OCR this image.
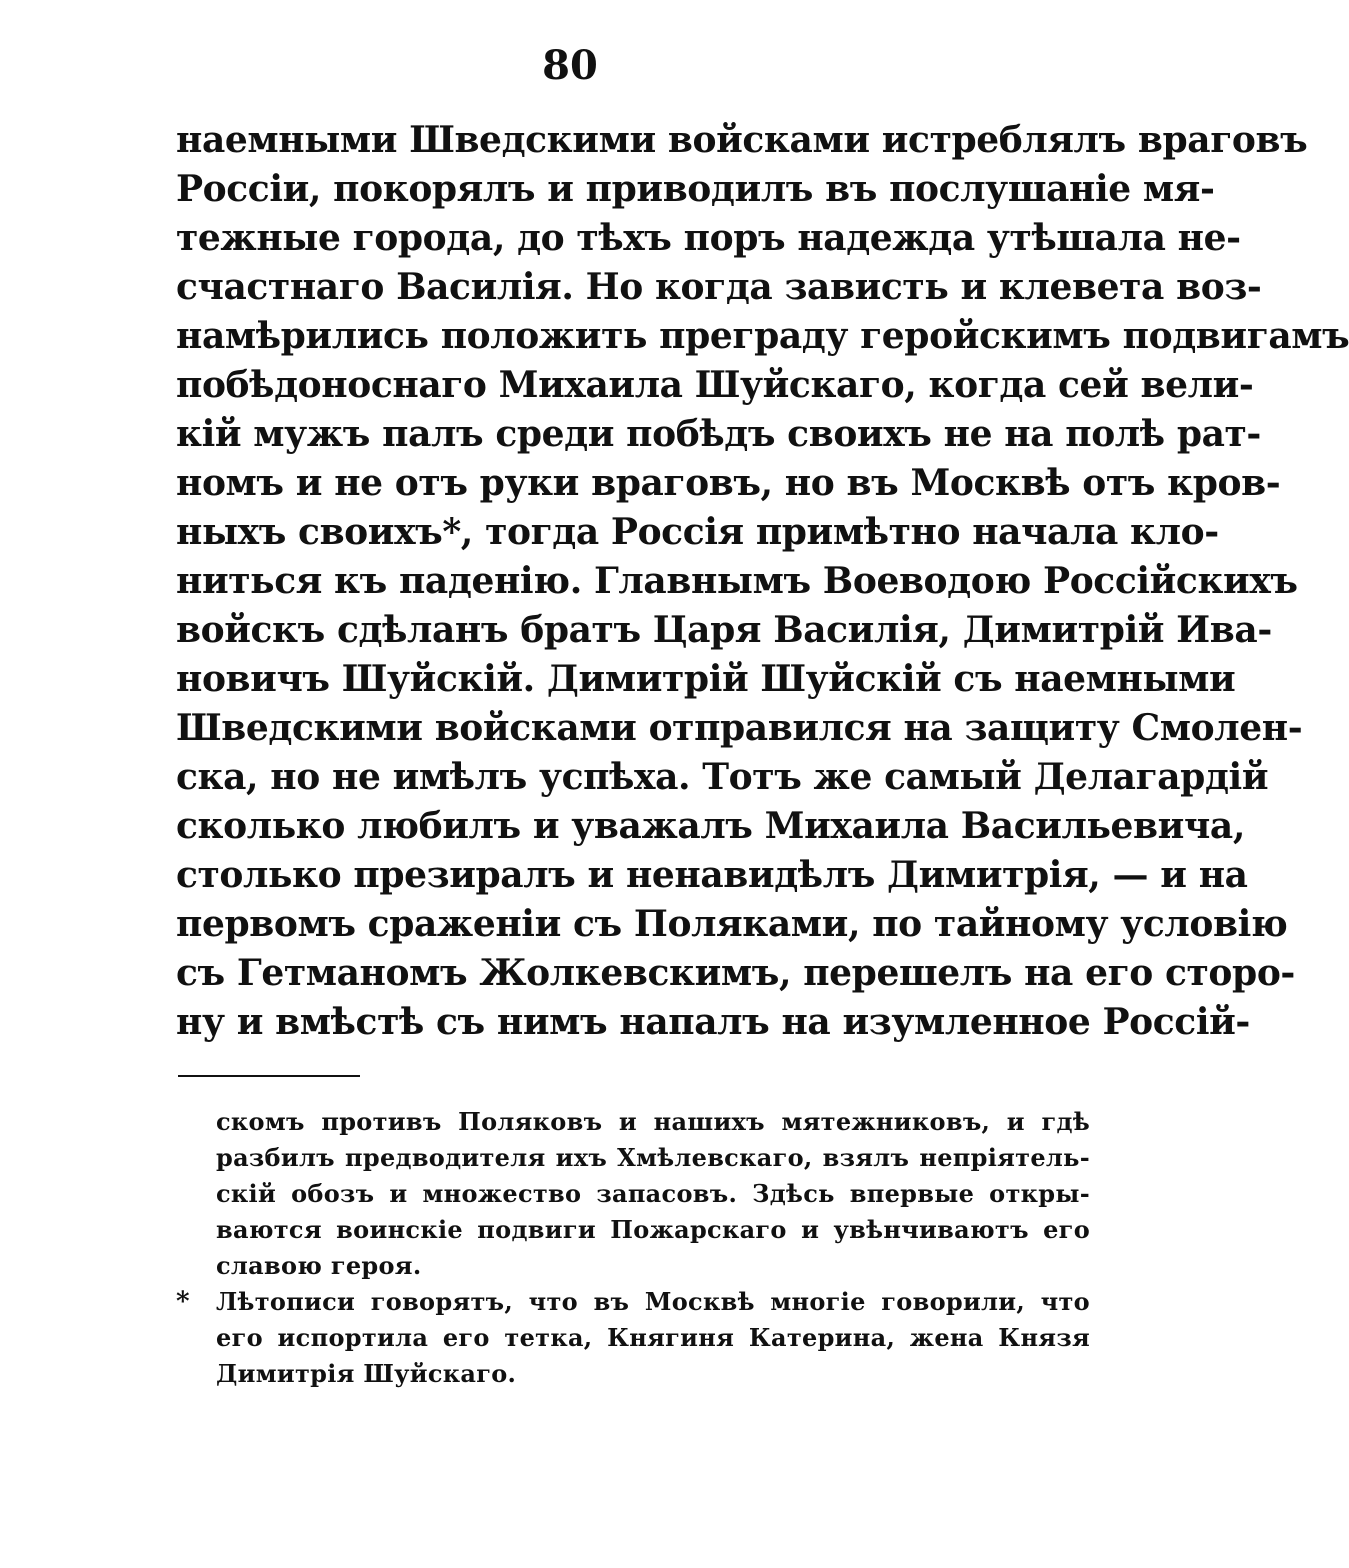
80
наемными Шведскими войсками истреблялъ враговъ
Россіи, покорялъ и приводилъ въ послушаніе мя-
тежные города, до тѣхъ поръ надежда утѣшала не-
счастнаго Василія. Но когда зависть и клевета воз-
намѣрились положить преграду геройскимъ подвигамъ
побѣдоноснаго Михаила Шуйскаго, когда сей вели-
кій мужъ палъ среди побѣдъ своихъ не на полѣ рат-
номъ и не отъ руки враговъ, но въ Москвѣ отъ кров-
ныхъ своихъ*, тогда Россія примѣтно начала кло-
ниться къ паденію. Главнымъ Воеводою Россійскихъ
войскъ сдѣланъ братъ Царя Василія, Димитрій Ива-
новичъ Шуйскій. Димитрій Шуйскій съ наемными
Шведскими войсками отправился на защиту Смолен-
ска, но не имѣлъ успѣха. Тотъ же самый Делагардій
сколько любилъ и уважалъ Михаила Васильевича,
столько презиралъ и ненавидѣлъ Димитрія, — и на
первомъ сраженіи съ Поляками, по тайному условію
съ Гетманомъ Жолкевскимъ, перешелъ на его сторо-
ну и вмѣстѣ съ нимъ напалъ на изумленное Россій-
скомъ противъ Поляковъ и нашихъ мятежниковъ, и гдѣ
разбилъ предводителя ихъ Хмѣлевскаго, взялъ непріятель-
скій обозъ и множество запасовъ. Здѣсь впервые откры-
ваются воинскіе подвиги Пожарскаго и увѣнчиваютъ его
славою героя.
* Лѣтописи говорятъ, что въ Москвѣ многіе говорили, что
его испортила его тетка, Княгиня Катерина, жена Князя
Димитрія Шуйскаго.
